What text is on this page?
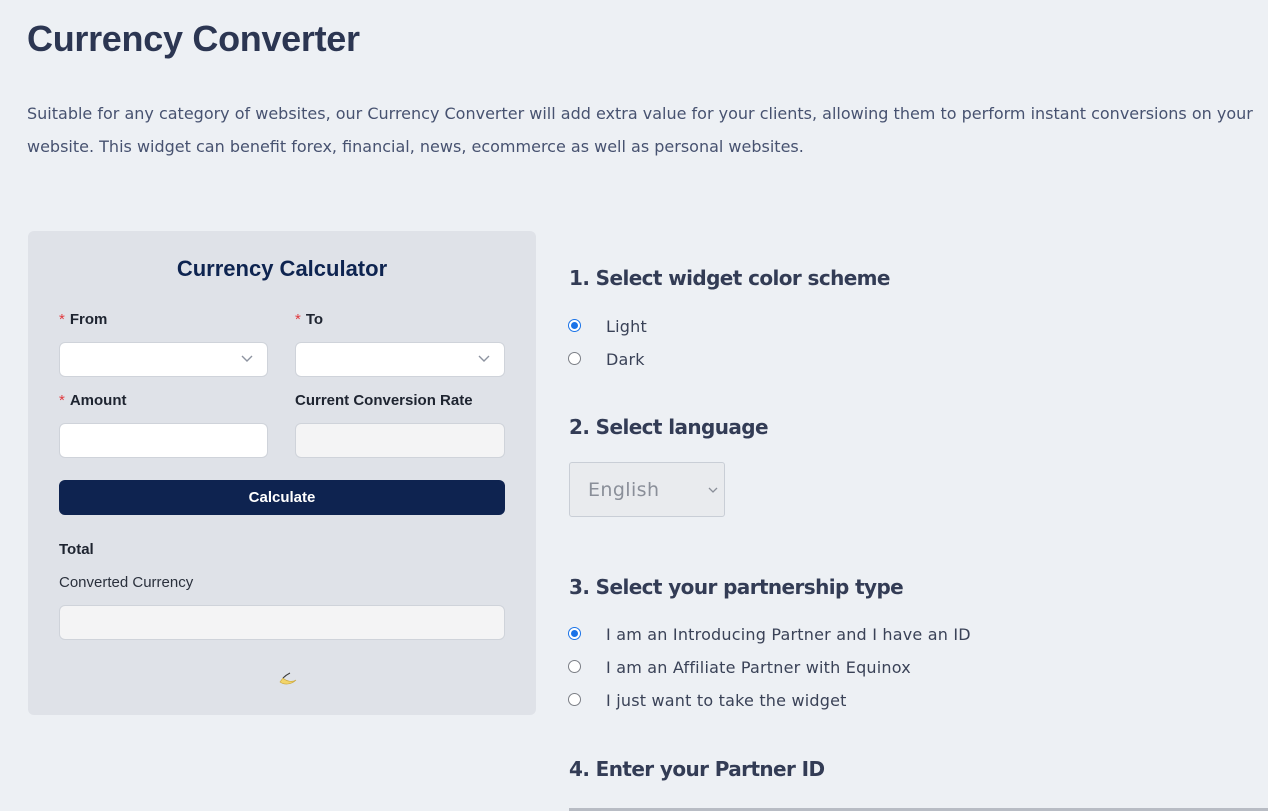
Currency Converter

Suitable for any category of websites, our Currency Converter will add extra value for your clients, allowing them to perform instant conversions on your website. This widget can benefit forex, financial, news, ecommerce as well as personal websites.

Currency Calculator
* From	* To
* Amount	Current Conversion Rate
Calculate
Total
Converted Currency
1. Select widget color scheme
Light
Dark
2. Select language
English
3. Select your partnership type
I am an Introducing Partner and I have an ID
I am an Affiliate Partner with Equinox
I just want to take the widget
4. Enter your Partner ID
